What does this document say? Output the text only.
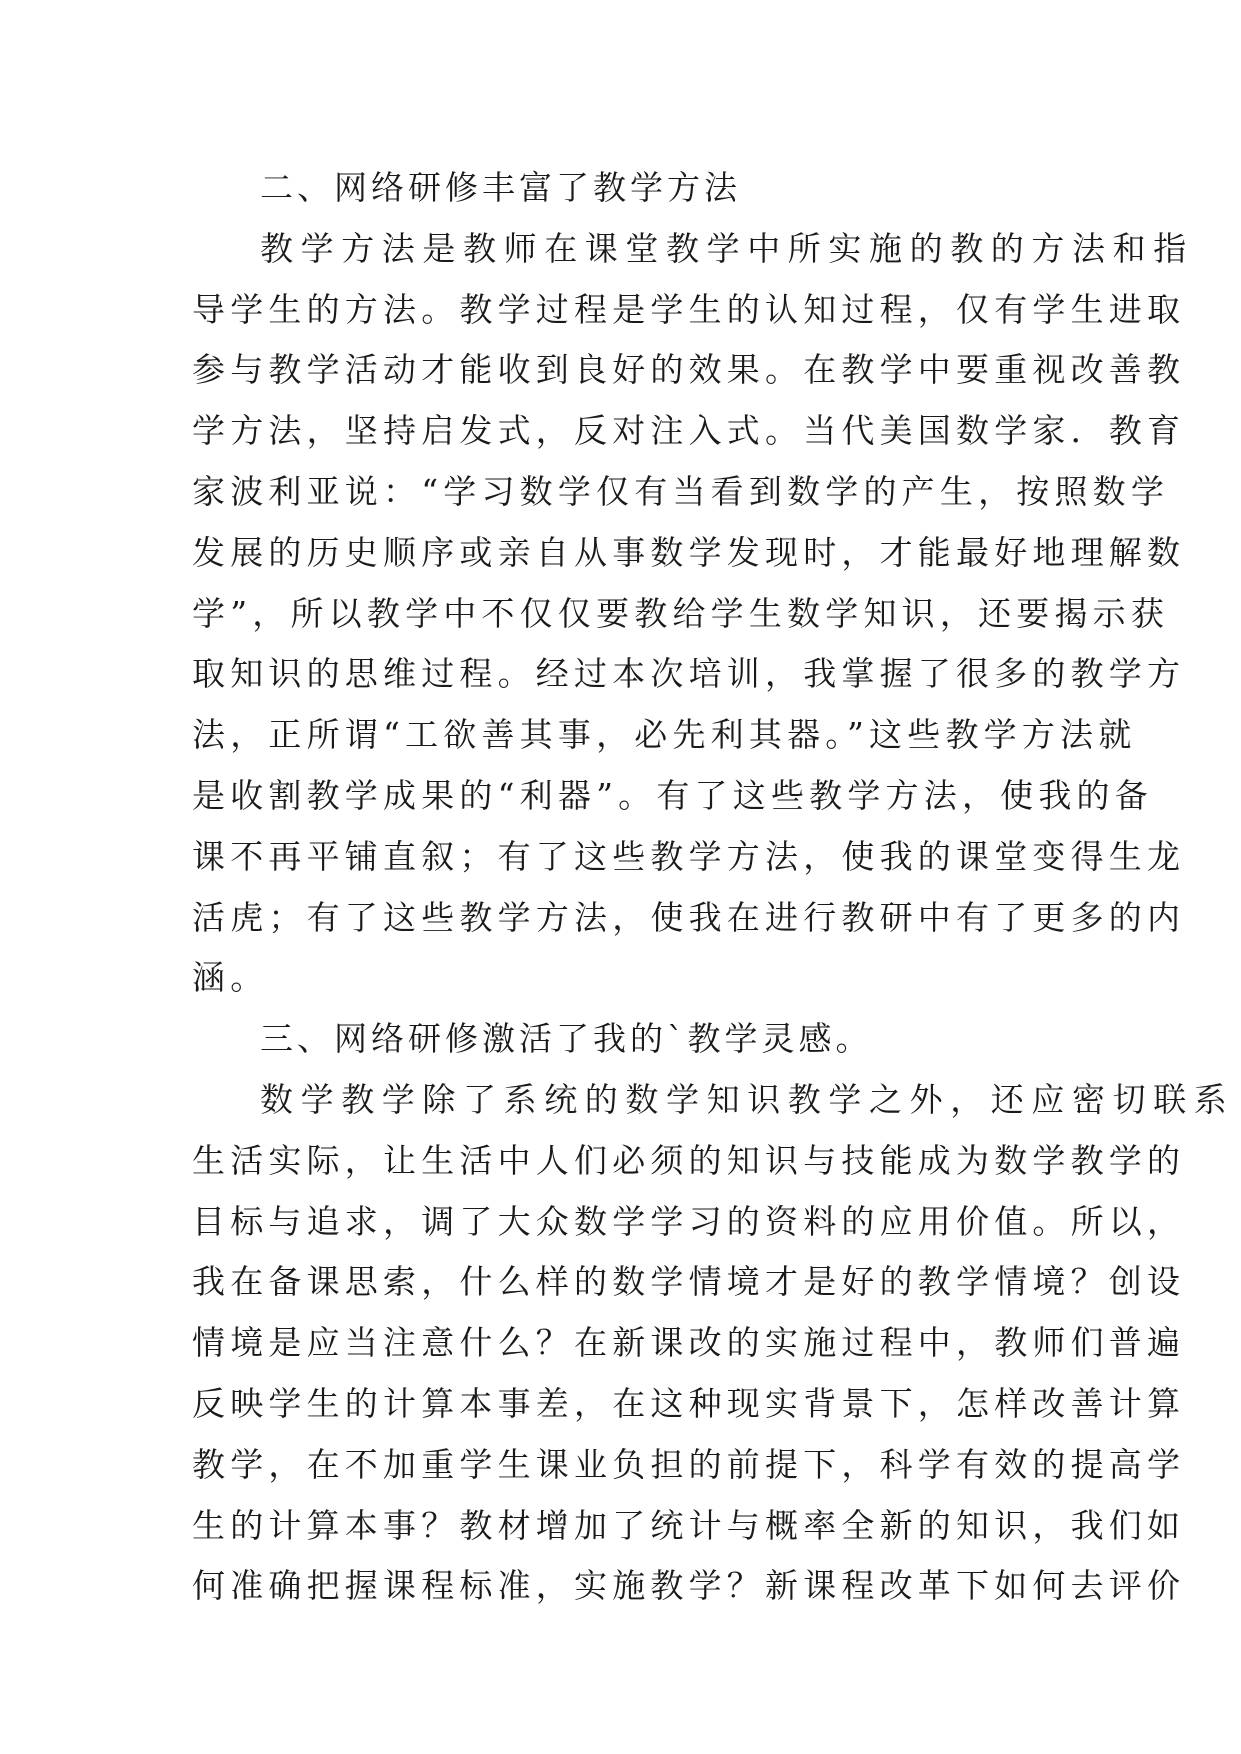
二、网络研修丰富了教学方法
教学方法是教师在课堂教学中所实施的教的方法和指
导学生的方法。教学过程是学生的认知过程，仅有学生进取
参与教学活动才能收到良好的效果。在教学中要重视改善教
学方法，坚持启发式，反对注入式。当代美国数学家．教育
家波利亚说：“学习数学仅有当看到数学的产生，按照数学
发展的历史顺序或亲自从事数学发现时，才能最好地理解数
学”，所以教学中不仅仅要教给学生数学知识，还要揭示获
取知识的思维过程。经过本次培训，我掌握了很多的教学方
法，正所谓“工欲善其事，必先利其器。”这些教学方法就
是收割教学成果的“利器”。有了这些教学方法，使我的备
课不再平铺直叙；有了这些教学方法，使我的课堂变得生龙
活虎；有了这些教学方法，使我在进行教研中有了更多的内
涵。
三、网络研修激活了我的`教学灵感。
数学教学除了系统的数学知识教学之外，还应密切联系
生活实际，让生活中人们必须的知识与技能成为数学教学的
目标与追求，调了大众数学学习的资料的应用价值。所以，
我在备课思索，什么样的数学情境才是好的教学情境？创设
情境是应当注意什么？在新课改的实施过程中，教师们普遍
反映学生的计算本事差，在这种现实背景下，怎样改善计算
教学，在不加重学生课业负担的前提下，科学有效的提高学
生的计算本事？教材增加了统计与概率全新的知识，我们如
何准确把握课程标准，实施教学？新课程改革下如何去评价
